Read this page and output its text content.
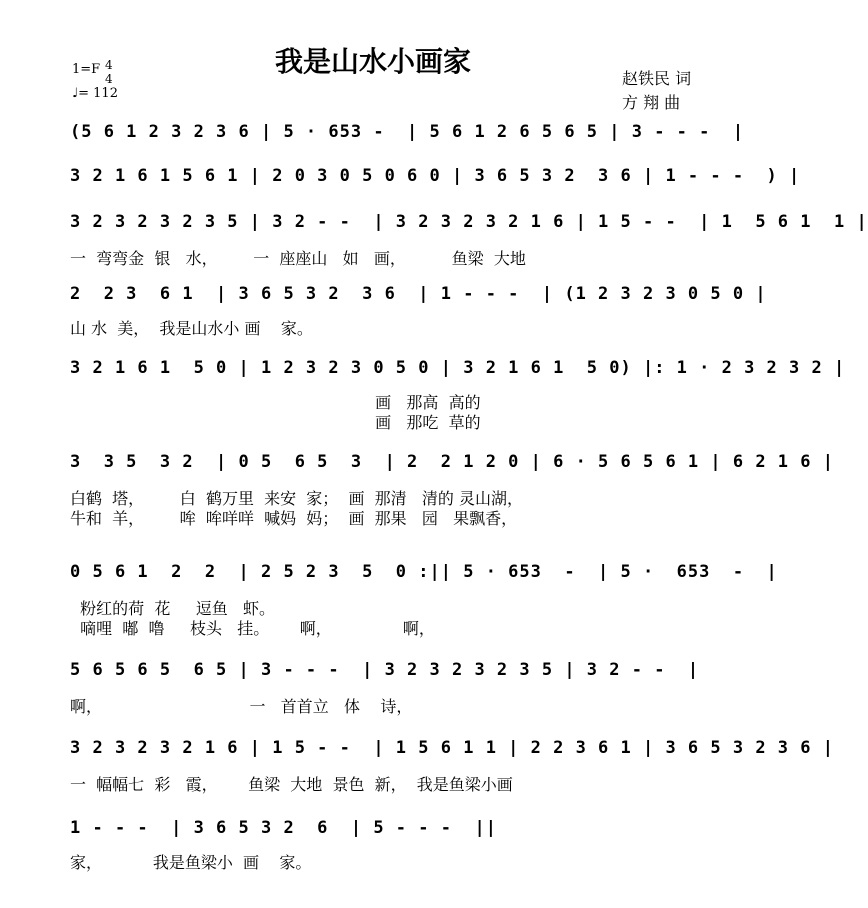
我是山水小画家
1=F 4
4
♩= 112
赵铁民 词
方 翔 曲
(5 6 1 2 3 2 3 6 | 5 · 653 -  | 5 6 1 2 6 5 6 5 | 3 - - -  |
3 2 1 6 1 5 6 1 | 2 0 3 0 5 0 6 0 | 3 6 5 3 2  3 6 | 1 - - -  ) |
3 2 3 2 3 2 3 5 | 3 2 - -  | 3 2 3 2 3 2 1 6 | 1 5 - -  | 1  5 6 1  1 |
一  弯弯金  银   水，       一  座座山   如   画，         鱼梁  大地
2  2 3  6 1  | 3 6 5 3 2  3 6  | 1 - - -  | (1 2 3 2 3 0 5 0 |
山 水  美，  我是山水小 画    家。
3 2 1 6 1  5 0 | 1 2 3 2 3 0 5 0 | 3 2 1 6 1  5 0) |: 1 · 2 3 2 3 2 |
画   那高  高的
画   那吃  草的
3  3 5  3 2  | 0 5  6 5  3  | 2  2 1 2 0 | 6 · 5 6 5 6 1 | 6 2 1 6 |
白鹤  塔，       白  鹤万里  来安  家；  画  那清   清的 灵山湖，
牛和  羊，       哞  哞咩咩  喊妈  妈；  画  那果   园   果飘香，
0 5 6 1  2  2  | 2 5 2 3  5  0 :|| 5 · 653  -  | 5 ·  653  -  |
粉红的荷  花     逗鱼   虾。
嘀哩  嘟  噜     枝头   挂。      啊，              啊，
5 6 5 6 5  6 5 | 3 - - -  | 3 2 3 2 3 2 3 5 | 3 2 - -  |
啊，                             一   首首立   体    诗，
3 2 3 2 3 2 1 6 | 1 5 - -  | 1 5 6 1 1 | 2 2 3 6 1 | 3 6 5 3 2 3 6 |
一  幅幅七  彩   霞，      鱼梁  大地  景色  新，  我是鱼梁小画
1 - - -  | 3 6 5 3 2  6  | 5 - - -  ||
家，          我是鱼梁小  画    家。
